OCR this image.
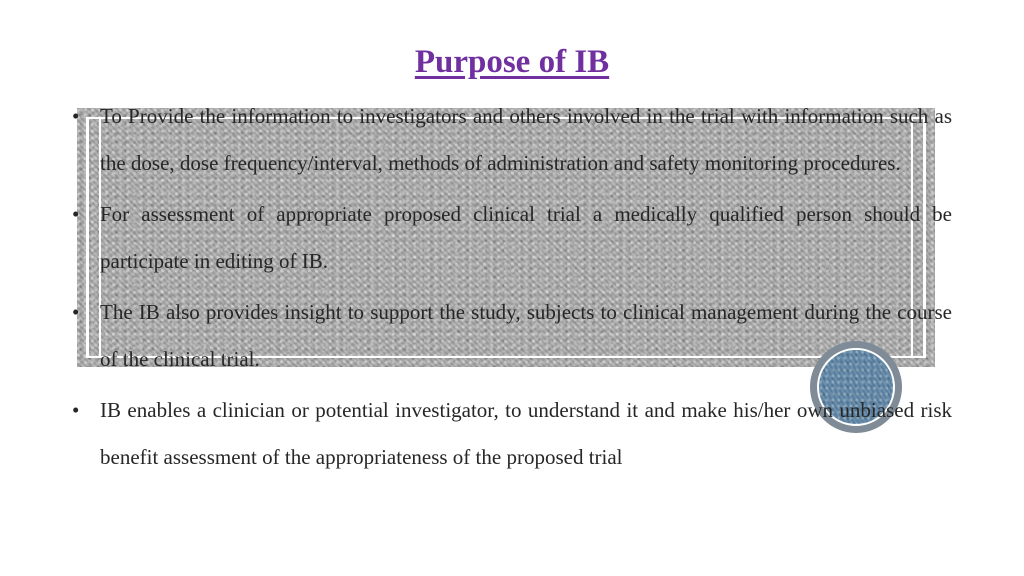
Purpose of IB
• To Provide the information to investigators and others involved in the trial with information such as the dose, dose frequency/interval, methods of administration and safety monitoring procedures.
• For assessment of appropriate proposed clinical trial a medically qualified person should be participate in editing of IB.
• The IB also provides insight to support the study, subjects to clinical management during the course of the clinical trial.
• IB enables a clinician or potential investigator, to understand it and make his/her own unbiased risk benefit assessment of the appropriateness of the proposed trial
